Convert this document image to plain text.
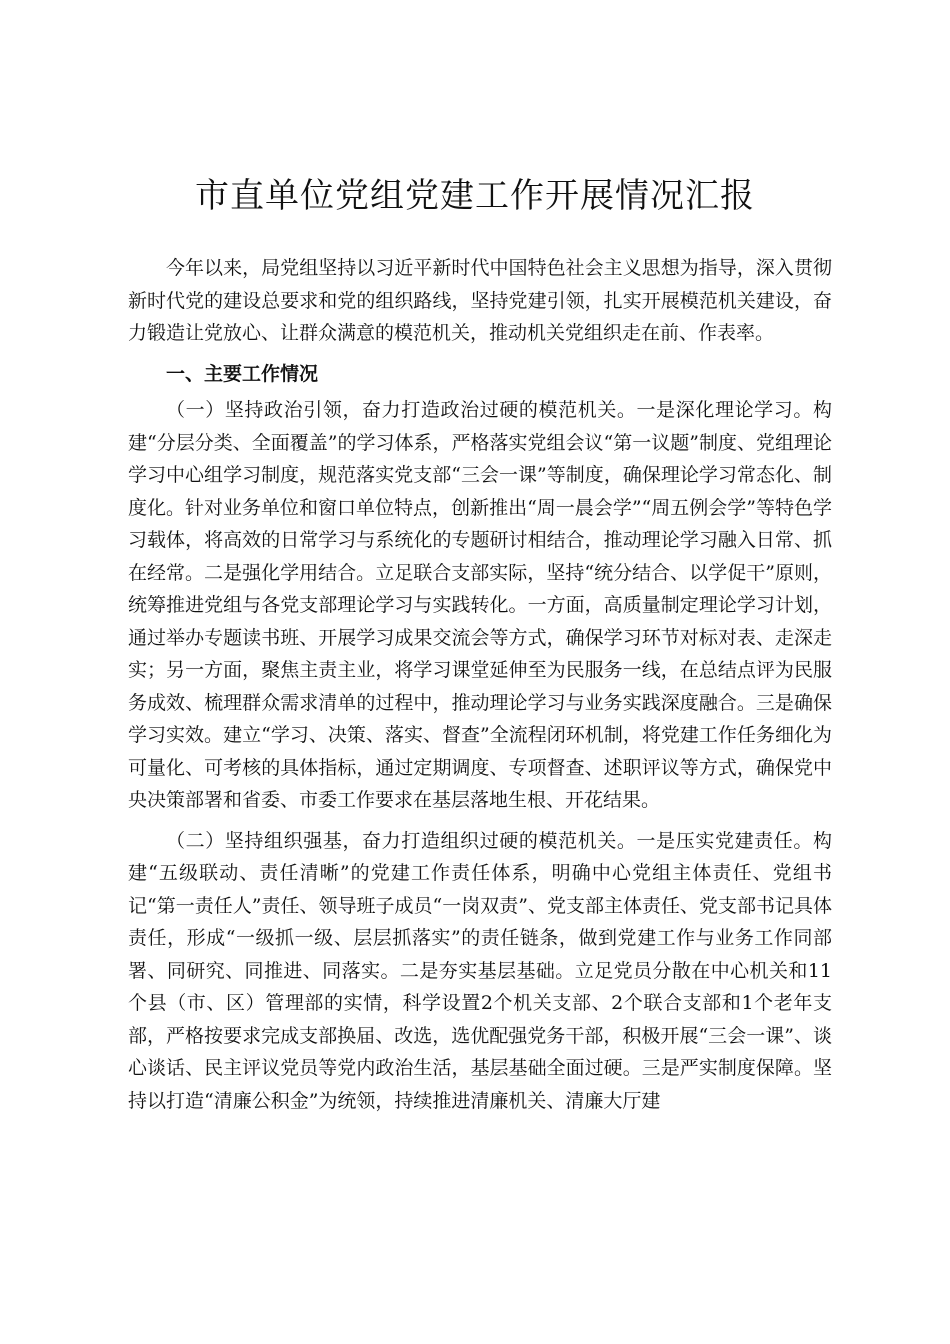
市直单位党组党建工作开展情况汇报

今年以来，局党组坚持以习近平新时代中国特色社会主义思想为指导，深入贯彻新时代党的建设总要求和党的组织路线，坚持党建引领，扎实开展模范机关建设，奋力锻造让党放心、让群众满意的模范机关，推动机关党组织走在前、作表率。

一、主要工作情况

（一）坚持政治引领，奋力打造政治过硬的模范机关。一是深化理论学习。构建“分层分类、全面覆盖”的学习体系，严格落实党组会议“第一议题”制度、党组理论学习中心组学习制度，规范落实党支部“三会一课”等制度，确保理论学习常态化、制度化。针对业务单位和窗口单位特点，创新推出“周一晨会学”“周五例会学”等特色学习载体，将高效的日常学习与系统化的专题研讨相结合，推动理论学习融入日常、抓在经常。二是强化学用结合。立足联合支部实际，坚持“统分结合、以学促干”原则，统筹推进党组与各党支部理论学习与实践转化。一方面，高质量制定理论学习计划，通过举办专题读书班、开展学习成果交流会等方式，确保学习环节对标对表、走深走实；另一方面，聚焦主责主业，将学习课堂延伸至为民服务一线，在总结点评为民服务成效、梳理群众需求清单的过程中，推动理论学习与业务实践深度融合。三是确保学习实效。建立“学习、决策、落实、督查”全流程闭环机制，将党建工作任务细化为可量化、可考核的具体指标，通过定期调度、专项督查、述职评议等方式，确保党中央决策部署和省委、市委工作要求在基层落地生根、开花结果。

（二）坚持组织强基，奋力打造组织过硬的模范机关。一是压实党建责任。构建“五级联动、责任清晰”的党建工作责任体系，明确中心党组主体责任、党组书记“第一责任人”责任、领导班子成员“一岗双责”、党支部主体责任、党支部书记具体责任，形成“一级抓一级、层层抓落实”的责任链条，做到党建工作与业务工作同部署、同研究、同推进、同落实。二是夯实基层基础。立足党员分散在中心机关和11个县（市、区）管理部的实情，科学设置2个机关支部、2个联合支部和1个老年支部，严格按要求完成支部换届、改选，选优配强党务干部，积极开展“三会一课”、谈心谈话、民主评议党员等党内政治生活，基层基础全面过硬。三是严实制度保障。坚持以打造“清廉公积金”为统领，持续推进清廉机关、清廉大厅建
